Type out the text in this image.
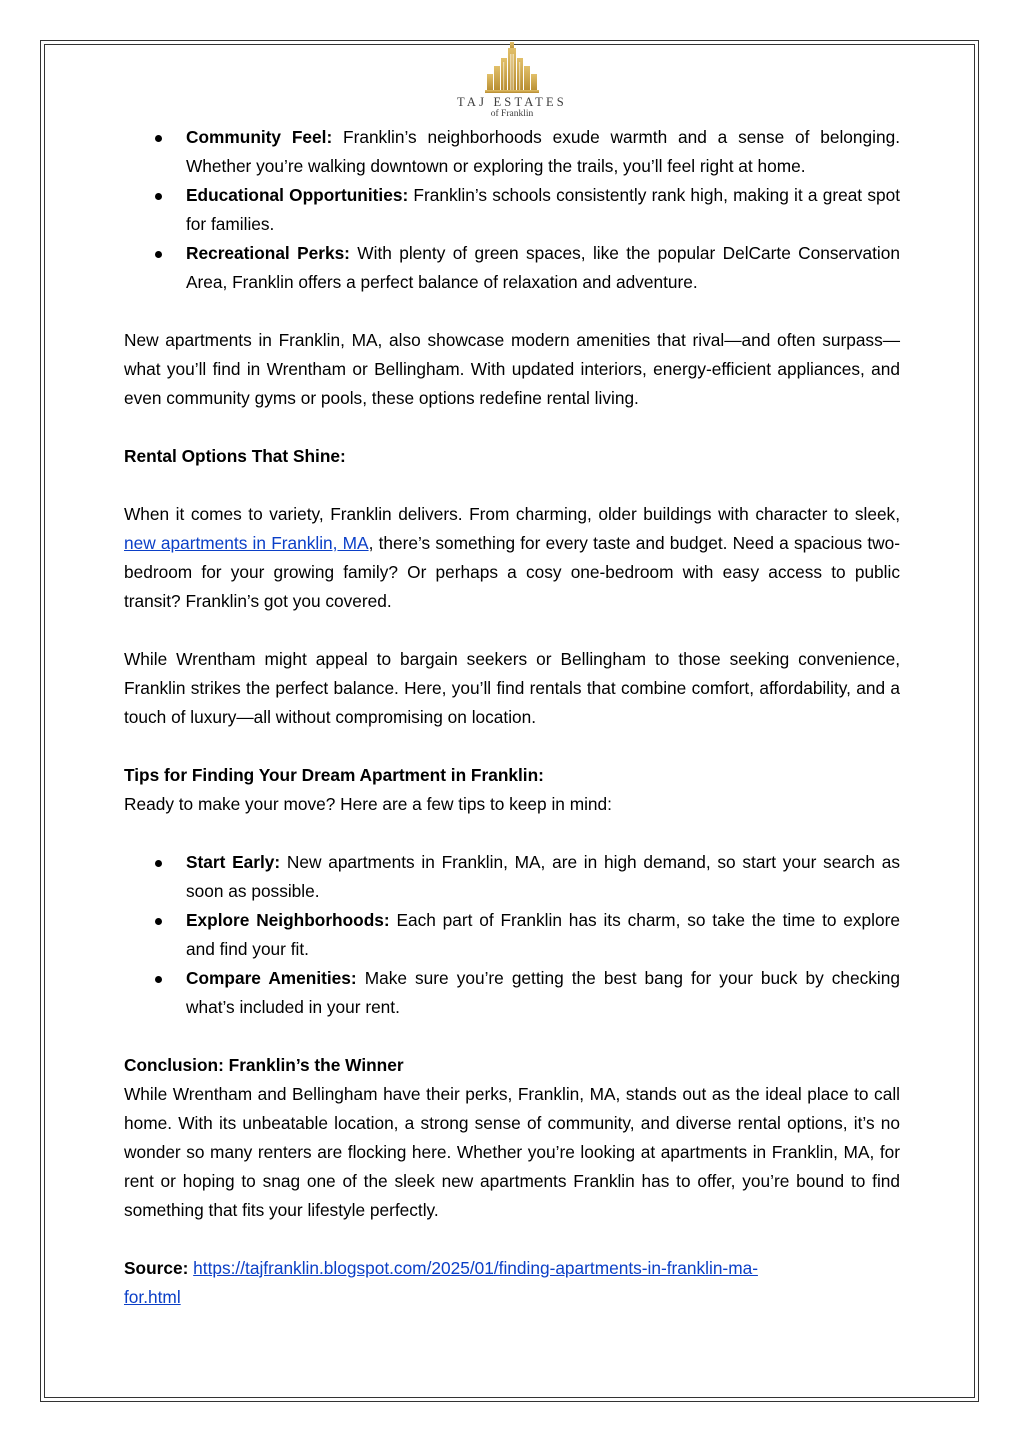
TAJ ESTATES
of Franklin
Community Feel: Franklin’s neighborhoods exude warmth and a sense of belonging. Whether you’re walking downtown or exploring the trails, you’ll feel right at home.
Educational Opportunities: Franklin’s schools consistently rank high, making it a great spot for families.
Recreational Perks: With plenty of green spaces, like the popular DelCarte Conservation Area, Franklin offers a perfect balance of relaxation and adventure.

New apartments in Franklin, MA, also showcase modern amenities that rival—and often surpass—what you’ll find in Wrentham or Bellingham. With updated interiors, energy-efficient appliances, and even community gyms or pools, these options redefine rental living.

Rental Options That Shine:

When it comes to variety, Franklin delivers. From charming, older buildings with character to sleek, new apartments in Franklin, MA, there’s something for every taste and budget. Need a spacious two-bedroom for your growing family? Or perhaps a cosy one-bedroom with easy access to public transit? Franklin’s got you covered.

While Wrentham might appeal to bargain seekers or Bellingham to those seeking convenience, Franklin strikes the perfect balance. Here, you’ll find rentals that combine comfort, affordability, and a touch of luxury—all without compromising on location.

Tips for Finding Your Dream Apartment in Franklin:

Ready to make your move? Here are a few tips to keep in mind:

Start Early: New apartments in Franklin, MA, are in high demand, so start your search as soon as possible.
Explore Neighborhoods: Each part of Franklin has its charm, so take the time to explore and find your fit.
Compare Amenities: Make sure you’re getting the best bang for your buck by checking what’s included in your rent.

Conclusion: Franklin’s the Winner

While Wrentham and Bellingham have their perks, Franklin, MA, stands out as the ideal place to call home. With its unbeatable location, a strong sense of community, and diverse rental options, it’s no wonder so many renters are flocking here. Whether you’re looking at apartments in Franklin, MA, for rent or hoping to snag one of the sleek new apartments Franklin has to offer, you’re bound to find something that fits your lifestyle perfectly.

Source: https://tajfranklin.blogspot.com/2025/01/finding-apartments-in-franklin-ma-
for.html
